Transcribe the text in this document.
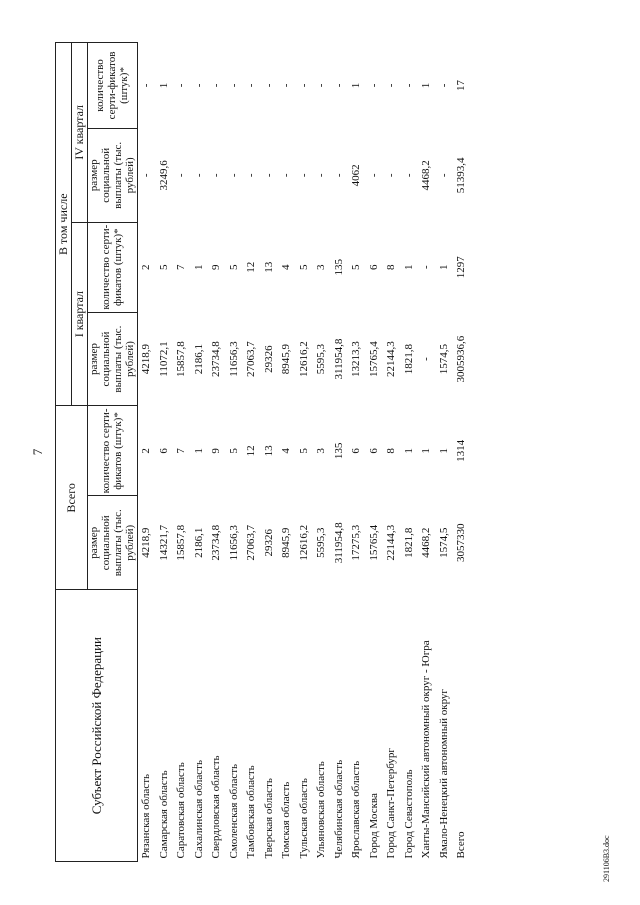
7
Субъект Российской Федерации	Всего		В том числе			
			I квартал		IV квартал	
	размер социальной выплаты (тыс. рублей)	количество серти-фикатов (штук)*	размер социальной выплаты (тыс. рублей)	количество серти-фикатов (штук)*	размер социальной выплаты (тыс. рублей)	количество серти-фикатов (штук)*
Рязанская область	4218,9	2	4218,9	2	-	-
Самарская область	14321,7	6	11072,1	5	3249,6	1
Саратовская область	15857,8	7	15857,8	7	-	-
Сахалинская область	2186,1	1	2186,1	1	-	-
Свердловская область	23734,8	9	23734,8	9	-	-
Смоленская область	11656,3	5	11656,3	5	-	-
Тамбовская область	27063,7	12	27063,7	12	-	-
Тверская область	29326	13	29326	13	-	-
Томская область	8945,9	4	8945,9	4	-	-
Тульская область	12616,2	5	12616,2	5	-	-
Ульяновская область	5595,3	3	5595,3	3	-	-
Челябинская область	311954,8	135	311954,8	135	-	-
Ярославская область	17275,3	6	13213,3	5	4062	1
Город Москва	15765,4	6	15765,4	6	-	-
Город Санкт-Петербург	22144,3	8	22144,3	8	-	-
Город Севастополь	1821,8	1	1821,8	1	-	-
Ханты-Мансийский автономный округ - Югра	4468,2	1	-	-	4468,2	1
Ямало-Ненецкий автономный округ	1574,5	1	1574,5	1	-	-
Всего	3057330	1314	3005936,6	1297	51393,4	17
291106B3.doc
